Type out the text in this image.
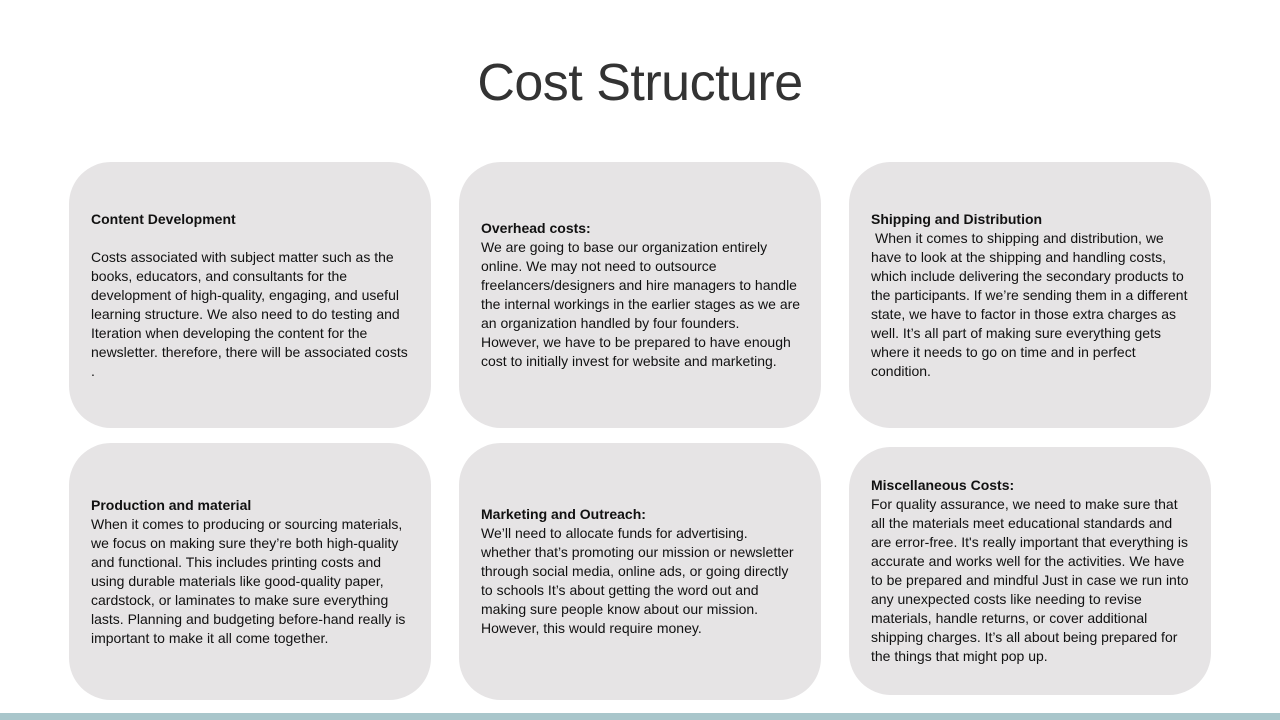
Cost Structure
Content Development
Costs associated with subject matter such as the books, educators, and consultants for the development of high-quality, engaging, and useful learning structure. We also need to do testing and Iteration when developing the content for the newsletter. therefore, there will be associated costs .
Overhead costs:
We are going to base our organization entirely online. We may not need to outsource freelancers/designers and hire managers to handle the internal workings in the earlier stages as we are an organization handled by four founders. However, we have to be prepared to have enough cost to initially invest for website and marketing.
Shipping and Distribution
When it comes to shipping and distribution, we have to look at the shipping and handling costs, which include delivering the secondary products to the participants. If we’re sending them in a different state, we have to factor in those extra charges as well. It’s all part of making sure everything gets where it needs to go on time and in perfect condition.
Production and material
When it comes to producing or sourcing materials, we focus on making sure they’re both high-quality and functional. This includes printing costs and using durable materials like good-quality paper, cardstock, or laminates to make sure everything lasts. Planning and budgeting before-hand really is important to make it all come together.
Marketing and Outreach:
We’ll need to allocate funds for advertising. whether that’s promoting our mission or newsletter through social media, online ads, or going directly to schools It’s about getting the word out and making sure people know about our mission. However, this would require money.
Miscellaneous Costs:
For quality assurance, we need to make sure that all the materials meet educational standards and are error-free. It's really important that everything is accurate and works well for the activities. We have to be prepared and mindful Just in case we run into any unexpected costs like needing to revise materials, handle returns, or cover additional shipping charges. It’s all about being prepared for the things that might pop up.
